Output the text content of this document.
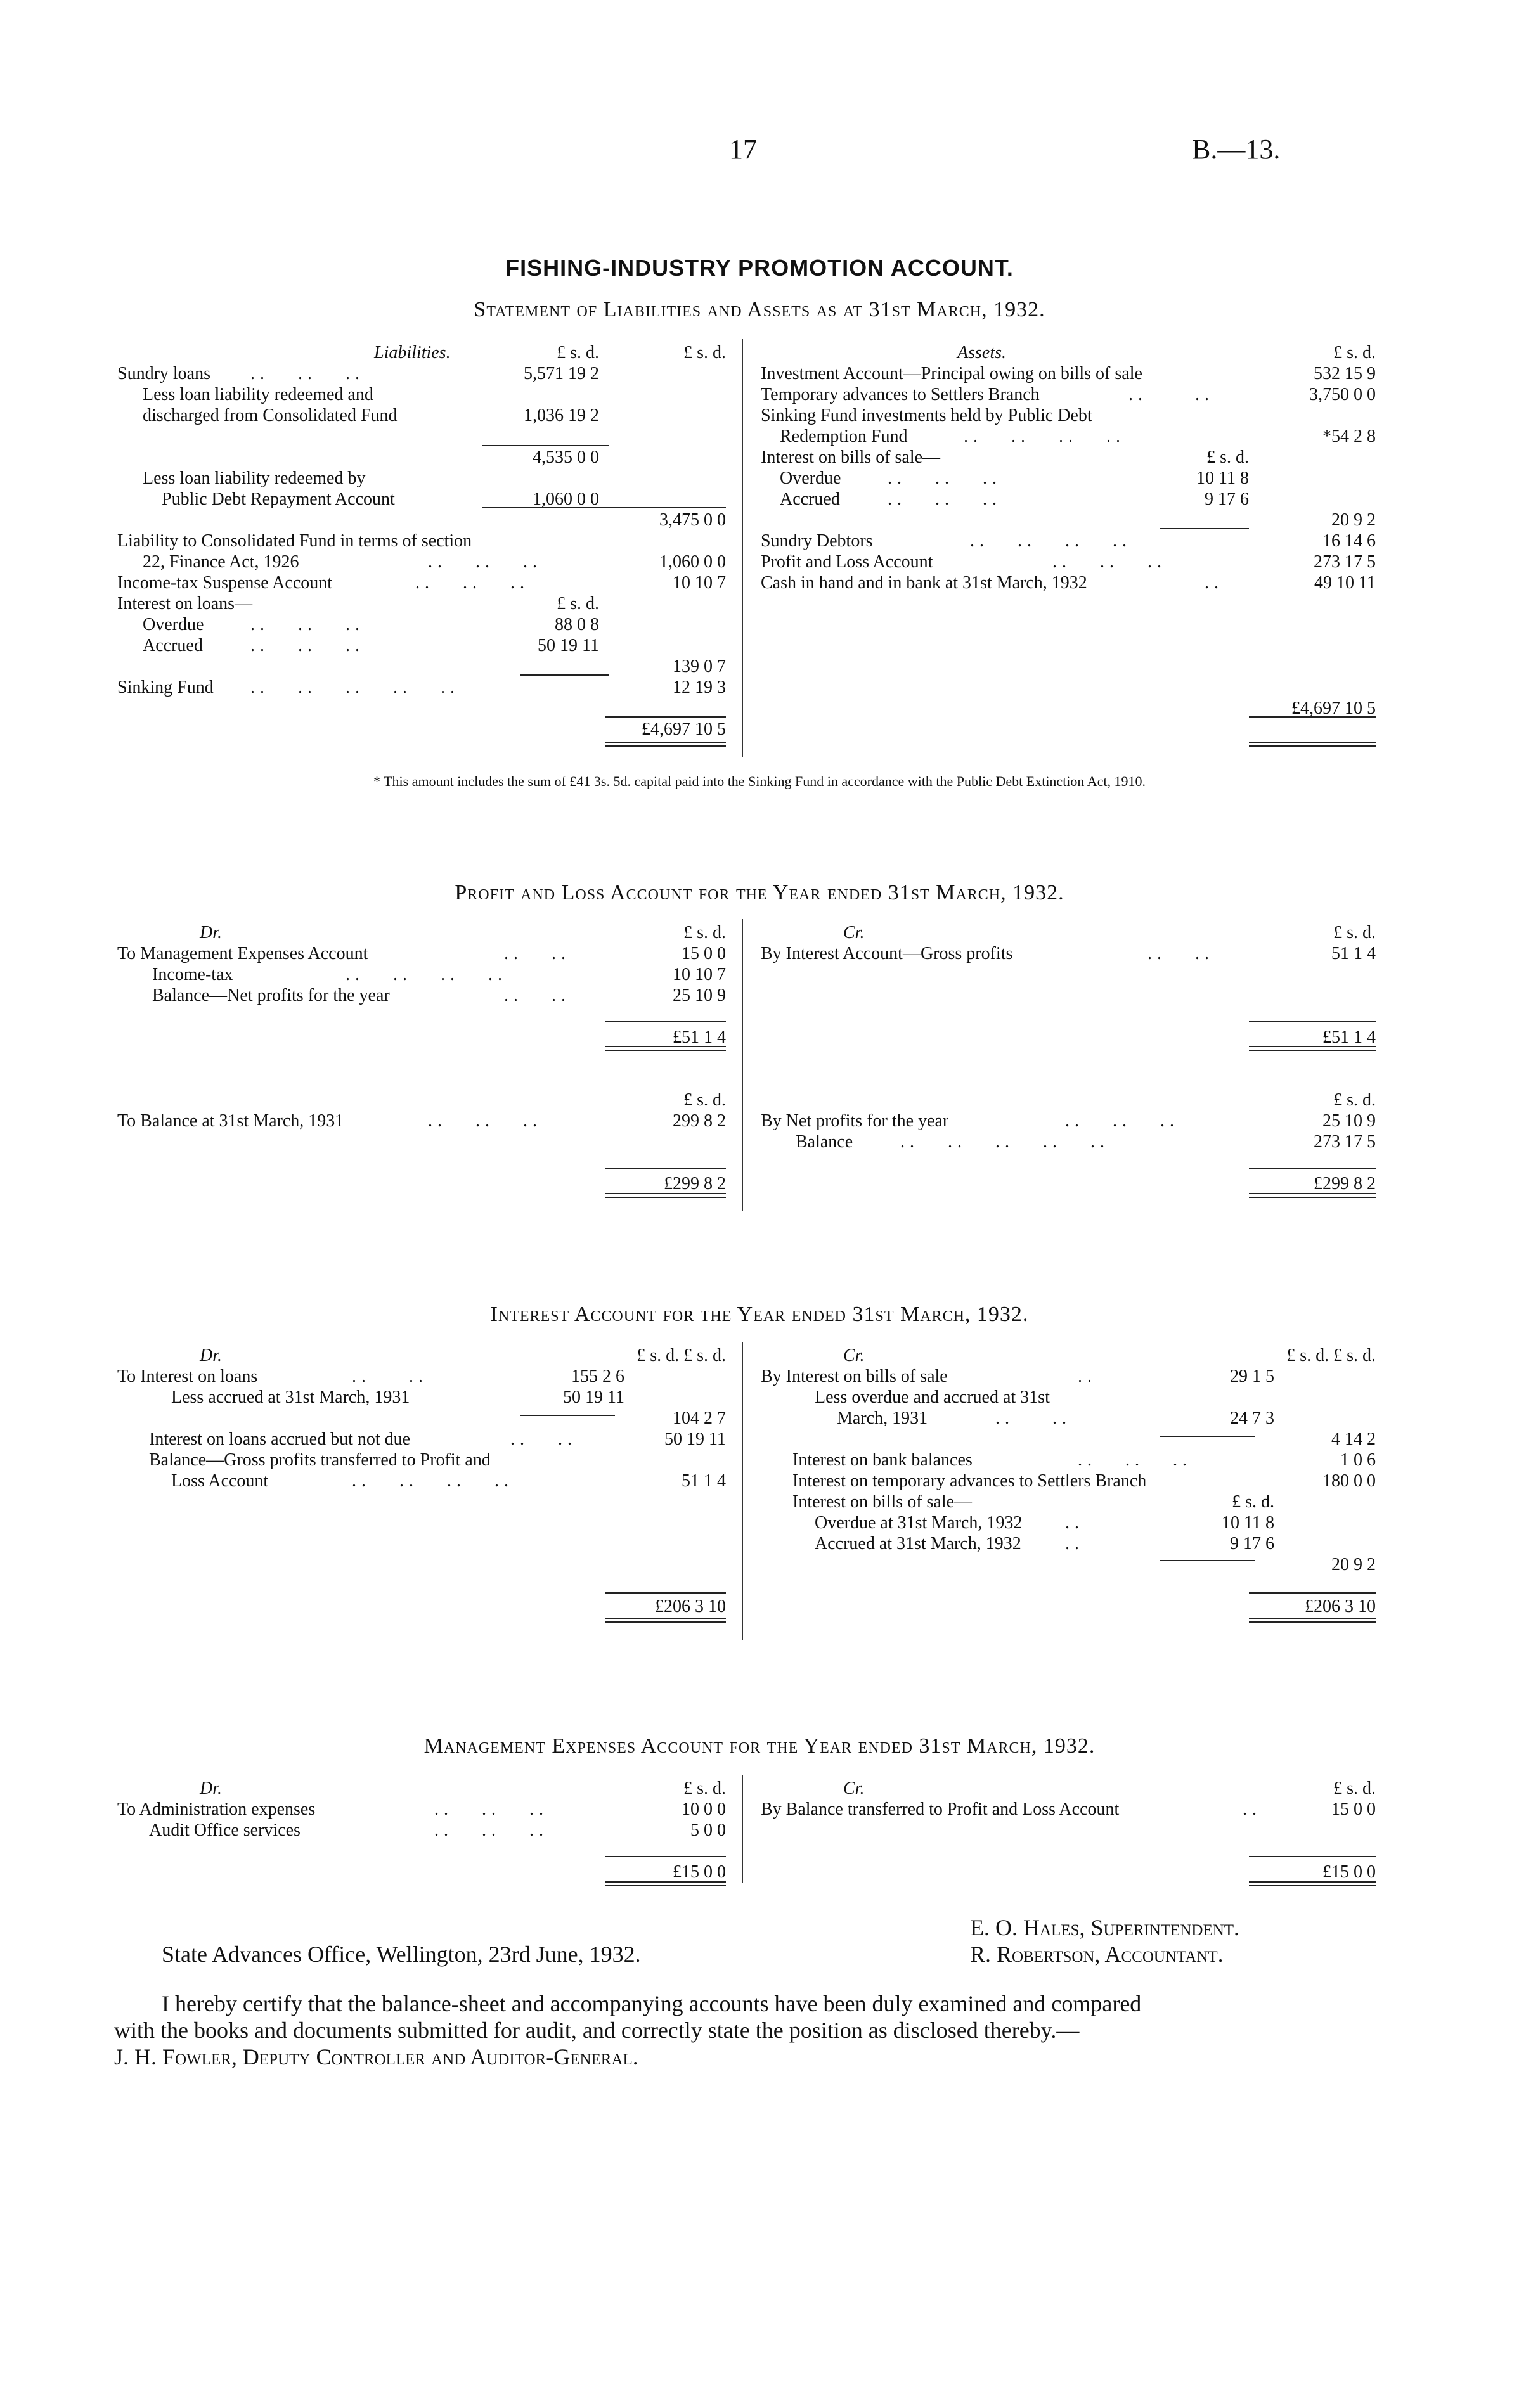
17	B.—13.
FISHING-INDUSTRY PROMOTION ACCOUNT.
Statement of Liabilities and Assets as at 31st March, 1932.
Liabilities.	£ s. d.	£ s. d.
Sundry loans ..   ..   ..	5,571 19 2
Less loan liability redeemed and
discharged from Consolidated Fund	1,036 19 2
4,535 0 0
Less loan liability redeemed by
Public Debt Repayment Account	1,060 0 0
3,475 0 0
Liability to Consolidated Fund in terms of section
22, Finance Act, 1926	..   ..   ..	1,060 0 0
Income-tax Suspense Account	..   ..   ..	10 10 7
Interest on loans—	£ s. d.
Overdue	..   ..   ..	88 0 8
Accrued	..   ..   ..	50 19 11
139 0 7
Sinking Fund ..   ..   ..   ..   ..	12 19 3
£4,697 10 5
Assets.	£ s. d.
Investment Account—Principal owing on bills of sale	532 15 9
Temporary advances to Settlers Branch	..     ..	3,750 0 0
Sinking Fund investments held by Public Debt
Redemption Fund	..   ..   ..   ..	*54 2 8
Interest on bills of sale—	£ s. d.
Overdue	..   ..   ..	10 11 8
Accrued	..   ..   ..	9 17 6
20 9 2
Sundry Debtors	..   ..   ..   ..	16 14 6
Profit and Loss Account	..   ..   ..	273 17 5
Cash in hand and in bank at 31st March, 1932	..	49 10 11
£4,697 10 5
* This amount includes the sum of £41 3s. 5d. capital paid into the Sinking Fund in accordance with the Public Debt Extinction Act, 1910.
Profit and Loss Account for the Year ended 31st March, 1932.
Dr.	£ s. d.
To Management Expenses Account	..   ..	15 0 0
Income-tax	..   ..   ..   ..	10 10 7
Balance—Net profits for the year	..   ..	25 10 9
£51 1 4
£ s. d.
To Balance at 31st March, 1931	..   ..   ..	299 8 2
£299 8 2
Cr.	£ s. d.
By Interest Account—Gross profits	..   ..	51 1 4
£51 1 4
£ s. d.
By Net profits for the year	..   ..   ..	25 10 9
Balance	..   ..   ..   ..   ..	273 17 5
£299 8 2
Interest Account for the Year ended 31st March, 1932.
Dr.	£ s. d. £ s. d.
To Interest on loans	..    ..	155 2 6
Less accrued at 31st March, 1931	50 19 11
104 2 7
Interest on loans accrued but not due	..   ..	50 19 11
Balance—Gross profits transferred to Profit and
Loss Account	..   ..   ..   ..	51 1 4
£206 3 10
Cr.	£ s. d. £ s. d.
By Interest on bills of sale	..	29 1 5
Less overdue and accrued at 31st
March, 1931	..    ..	24 7 3
4 14 2
Interest on bank balances	..   ..   ..	1 0 6
Interest on temporary advances to Settlers Branch	180 0 0
Interest on bills of sale—	£ s. d.
Overdue at 31st March, 1932 ..	10 11 8
Accrued at 31st March, 1932 ..	9 17 6
20 9 2
£206 3 10
Management Expenses Account for the Year ended 31st March, 1932.
Dr.	£ s. d.
To Administration expenses	..   ..   ..	10 0 0
Audit Office services	..   ..   ..	5 0 0
£15 0 0
Cr.	£ s. d.
By Balance transferred to Profit and Loss Account	..	15 0 0
£15 0 0
E. O. Hales, Superintendent.
R. Robertson, Accountant.
State Advances Office, Wellington, 23rd June, 1932.
I hereby certify that the balance-sheet and accompanying accounts have been duly examined and compared
with the books and documents submitted for audit, and correctly state the position as disclosed thereby.—
J. H. Fowler, Deputy Controller and Auditor-General.
